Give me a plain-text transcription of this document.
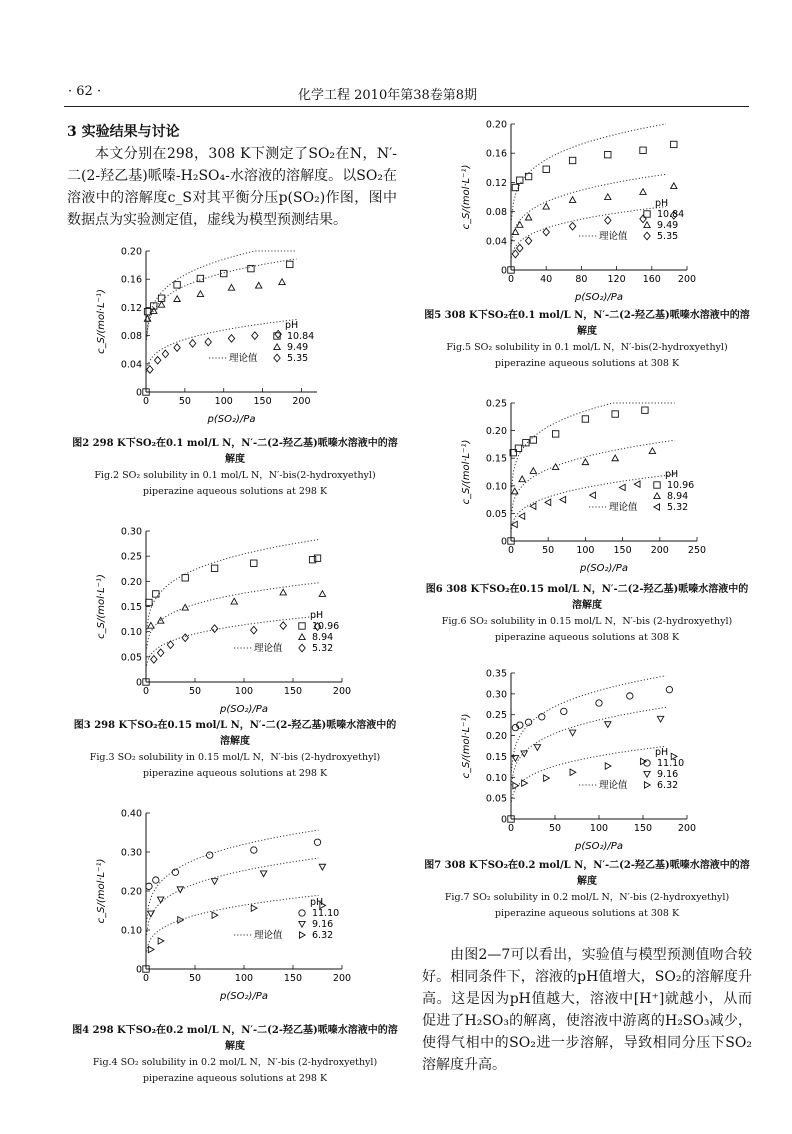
· 62 ·	化学工程 2010年第38卷第8期
3 实验结果与讨论

本文分别在298，308 K下测定了SO₂在N，N′-二(2-羟乙基)哌嗪-H₂SO₄-水溶液的溶解度。以SO₂在溶液中的溶解度c_S对其平衡分压p(SO₂)作图，图中数据点为实验测定值，虚线为模型预测结果。

由图2—7可以看出，实验值与模型预测值吻合较好。相同条件下，溶液的pH值增大，SO₂的溶解度升高。这是因为pH值越大，溶液中[H⁺]就越小，从而促进了H₂SO₃的解离，使溶液中游离的H₂SO₃减少，使得气相中的SO₂进一步溶解，导致相同分压下SO₂溶解度升高。

0	50 100 150 200
0
0.04
0.08
0.12
0.16
0.20
p(SO₂)/Pa
c_S/(mol·L⁻¹)	pH
10.84
9.49
5.35
理论值
图2 298 K下SO₂在0.1 mol/L N，N′-二(2-羟乙基)哌嗪水溶液中的溶解度
Fig.2 SO₂ solubility in 0.1 mol/L N，N′-bis(2-hydroxyethyl) piperazine aqueous solutions at 298 K
0	50	100	150	200
0
0.05
0.10
0.15
0.20
0.25
0.30
p(SO₂)/Pa
c_S/(mol·L⁻¹)	pH
10.96
8.94
5.32
理论值
图3 298 K下SO₂在0.15 mol/L N，N′-二(2-羟乙基)哌嗪水溶液中的溶解度
Fig.3 SO₂ solubility in 0.15 mol/L N，N′-bis (2-hydroxyethyl) piperazine aqueous solutions at 298 K
0	50	100	150	200
0
0.10
0.20
0.30
0.40
p(SO₂)/Pa
c_S/(mol·L⁻¹)	pH
11.10
9.16
6.32
理论值
图4 298 K下SO₂在0.2 mol/L N，N′-二(2-羟乙基)哌嗪水溶液中的溶解度
Fig.4 SO₂ solubility in 0.2 mol/L N，N′-bis (2-hydroxyethyl) piperazine aqueous solutions at 298 K
0	40 80 120 160 200
0
0.04
0.08
0.12
0.16
0.20
p(SO₂)/Pa
c_S/(mol·L⁻¹)	pH
10.84
9.49
5.35
理论值
图5 308 K下SO₂在0.1 mol/L N，N′-二(2-羟乙基)哌嗪水溶液中的溶解度
Fig.5 SO₂ solubility in 0.1 mol/L N，N′-bis(2-hydroxyethyl) piperazine aqueous solutions at 308 K
0	50 100 150 200 250
0
0.05
0.10
0.15
0.20
0.25
p(SO₂)/Pa
c_S/(mol·L⁻¹)	pH
10.96
8.94
5.32
理论值
图6 308 K下SO₂在0.15 mol/L N，N′-二(2-羟乙基)哌嗪水溶液中的溶解度
Fig.6 SO₂ solubility in 0.15 mol/L N，N′-bis (2-hydroxyethyl) piperazine aqueous solutions at 308 K
0	50	100	150	200
0
0.05
0.10
0.15
0.20
0.25
0.30
0.35
p(SO₂)/Pa
c_S/(mol·L⁻¹)	pH
11.10
9.16
6.32
理论值
图7 308 K下SO₂在0.2 mol/L N，N′-二(2-羟乙基)哌嗪水溶液中的溶解度
Fig.7 SO₂ solubility in 0.2 mol/L N，N′-bis (2-hydroxyethyl) piperazine aqueous solutions at 308 K
